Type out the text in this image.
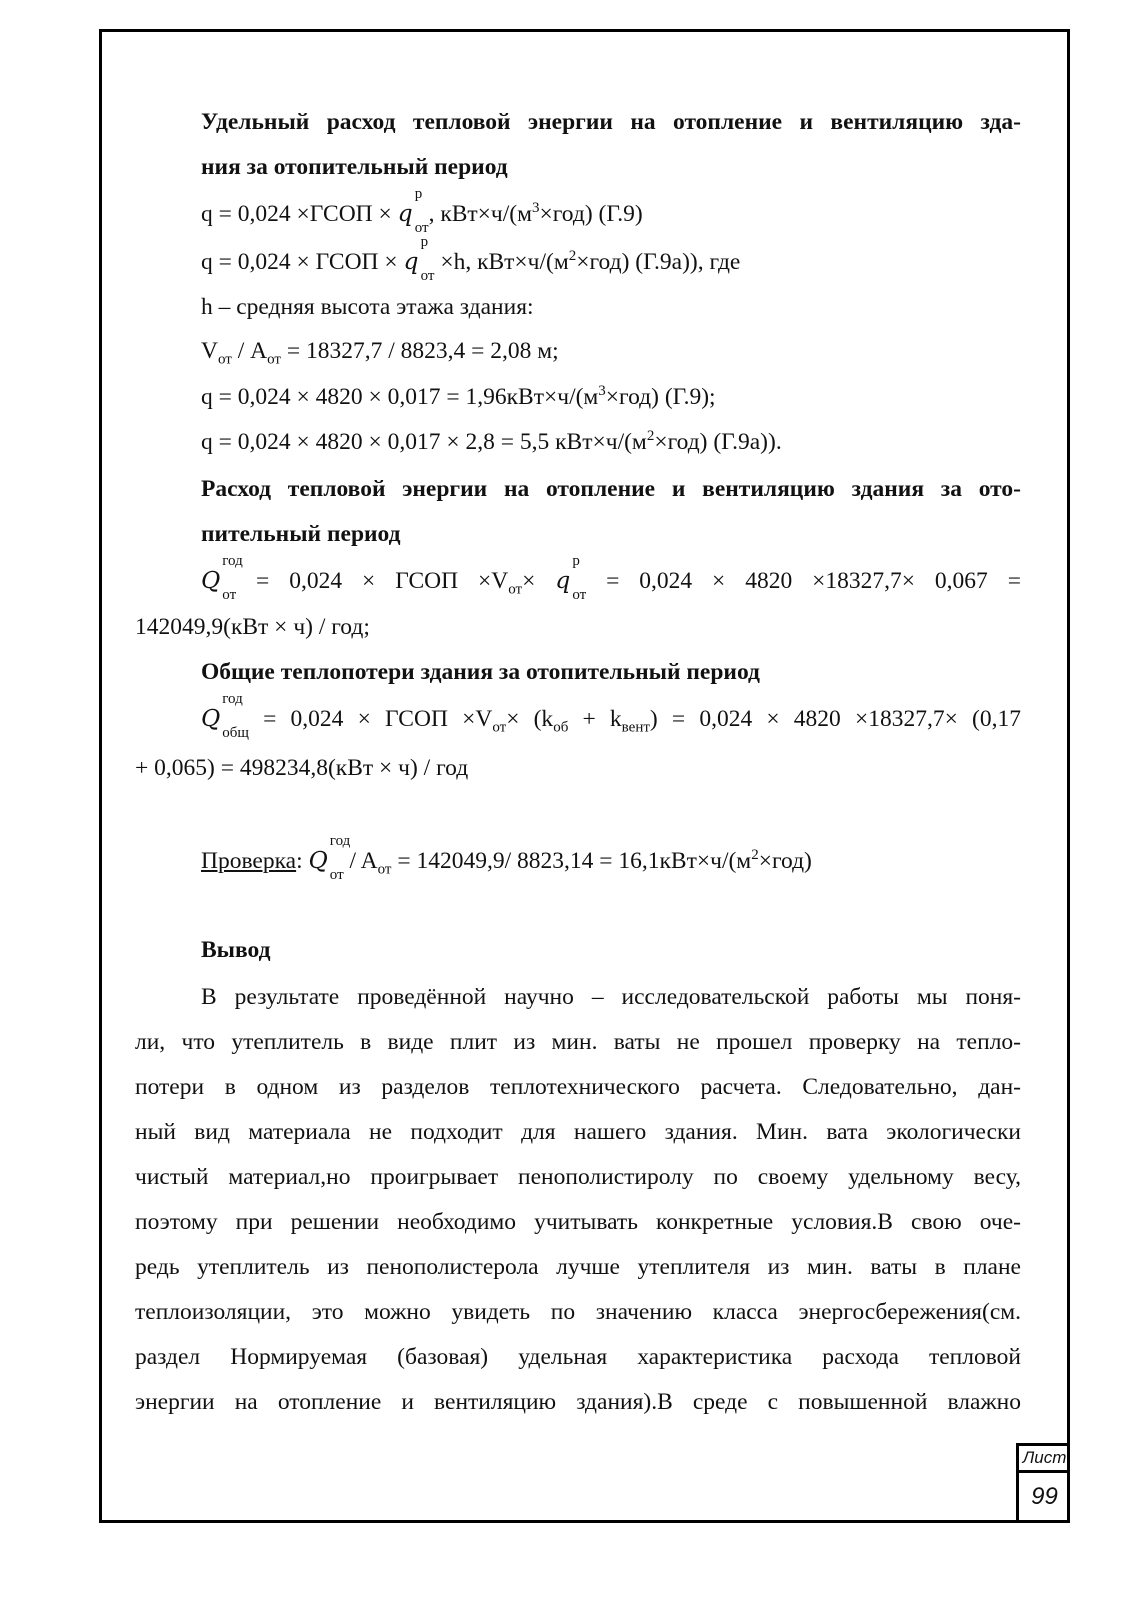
Удельный расход тепловой энергии на отопление и вентиляцию зда-
ния за отопительный период
q = 0,024 ×ГСОП × q
р
$_{от}$, $кВт\times ч/(м^3\times год)$ (Г.9)
q = 0,024 × ГСОП × q
р
$_{от}$ ×h, $кВт\times ч/(м^2\times год)$ (Г.9а)), где
h – средняя высота этажа здания:
$V_{от} / A_{от} = 18327,7 / 8823,4 = 2,08$ м;
$q = 0,024 \times 4820 \times 0,017 = 1,96кВт\times ч/(м^3\times год)$ (Г.9);
q = 0,024 × 4820 × 0,017 × 2,8 = 5,5 $кВт\times ч/(м^2\times год)$ (Г.9а)).
Расход тепловой энергии на отопление и вентиляцию здания за ото-
пительный период
Q
год
$_{от}$ = 0,024 × ГСОП $\times V_{от}\times q$
р
$_{от}$ = 0,024 × 4820 ×18327,7× 0,067 =
142049,9(кВт × ч) / год;
Общие теплопотери здания за отопительный период
Q
год
$_{общ}$ = 0,024 × ГСОП $\times V_{от}\times (k_{об} + k_{вент}) = 0,024 \times 4820 \times 18327,7\times (0,17$
+ 0,065) = 498234,8(кВт × ч) / год
Проверка: Q
год
$_{от} / A_{от} = 142049,9/$ $8823,14 = 16,1кВт\times ч/(м^2\times год)$
Вывод
В результате проведённой научно – исследовательской работы мы поня-
ли, что утеплитель в виде плит из мин. ваты не прошел проверку на тепло-
потери в одном из разделов теплотехнического расчета. Следовательно, дан-
ный вид материала не подходит для нашего здания. Мин. вата экологически
чистый материал,но проигрывает пенополистиролу по своему удельному весу,
поэтому при решении необходимо учитывать конкретные условия.В свою оче-
редь утеплитель из пенополистерола лучше утеплителя из мин. ваты в плане
теплоизоляции, это можно увидеть по значению класса энергосбережения(см.
раздел Нормируемая (базовая) удельная характеристика расхода тепловой
энергии на отопление и вентиляцию здания).В среде с повышенной влажно
Лист
99
